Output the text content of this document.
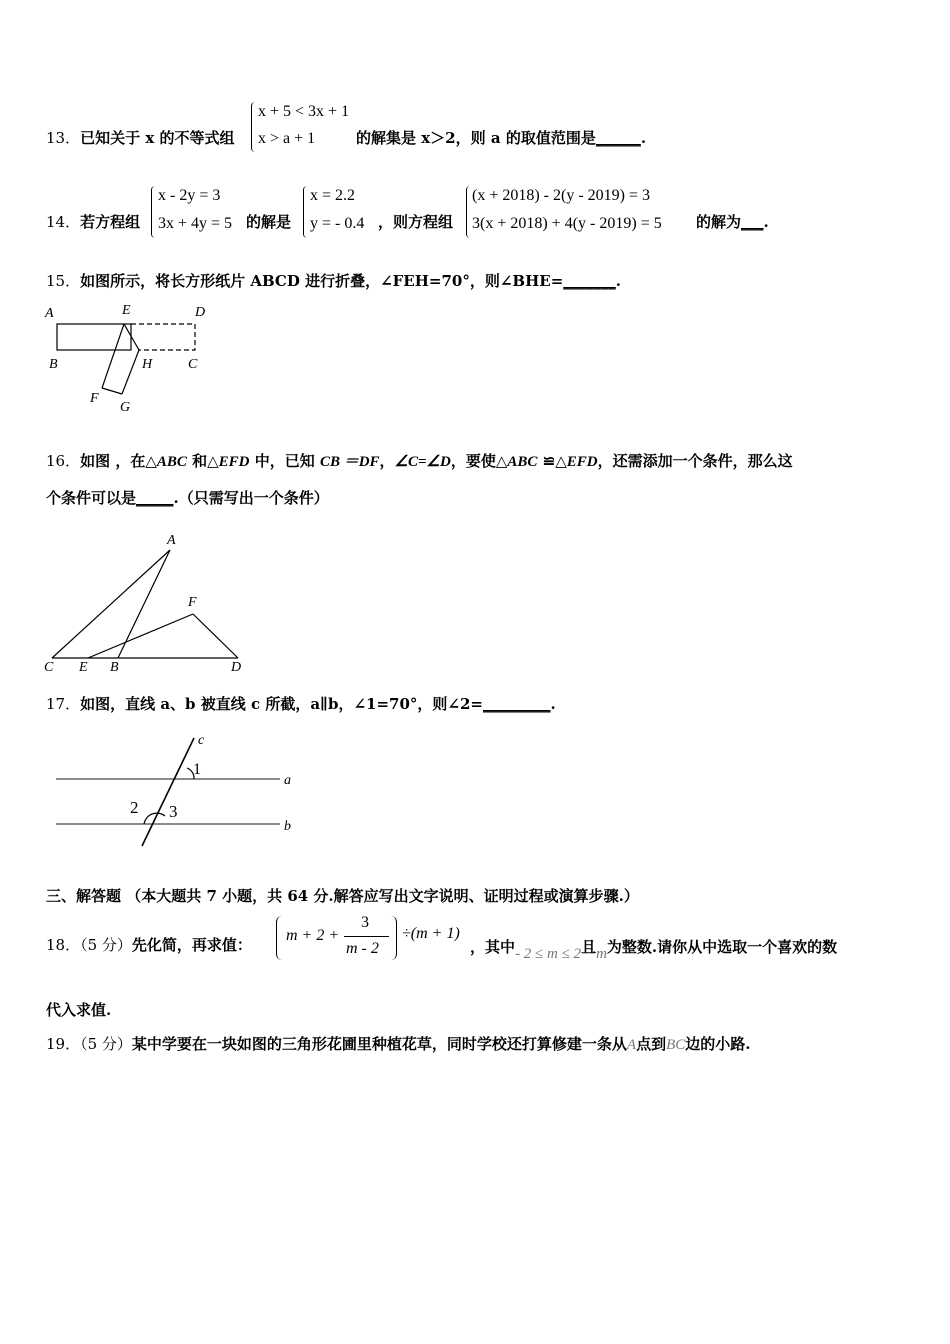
13．已知关于 x 的不等式组
x + 5 < 3x + 1
x > a + 1	的解集是 x＞2，则 a 的取值范围是______.
14．若方程组
x - 2y = 3
3x + 4y = 5 的解是
x = 2.2
y = - 0.4 ，则方程组
(x + 2018) - 2(y - 2019) = 3
3(x + 2018) + 4(y - 2019) = 5 的解为___.
15．如图所示，将长方形纸片 ABCD 进行折叠，∠FEH=70°，则∠BHE=_______.
A	E	D
B	H	C
F
G
16．如图 ，在△ABC 和△EFD 中，已知 CB ＝DF，∠C=∠D，要使△ABC ≌△EFD，还需添加一个条件，那么这
个条件可以是_____.（只需写出一个条件）
A
F
C E B	D
17．如图，直线 a、b 被直线 c 所截，a∥b，∠1=70°，则∠2=_________.
c
1
a
2 3
b
三、解答题 （本大题共 7 小题，共 64 分.解答应写出文字说明、证明过程或演算步骤.）
18．（5 分）先化简，再求值：
m + 2 +
3
m - 2
÷(m + 1)
，其中- 2 ≤ m ≤ 2且m为整数.请你从中选取一个喜欢的数
代入求值.
19．（5 分）某中学要在一块如图的三角形花圃里种植花草，同时学校还打算修建一条从A点到BC边的小路.
